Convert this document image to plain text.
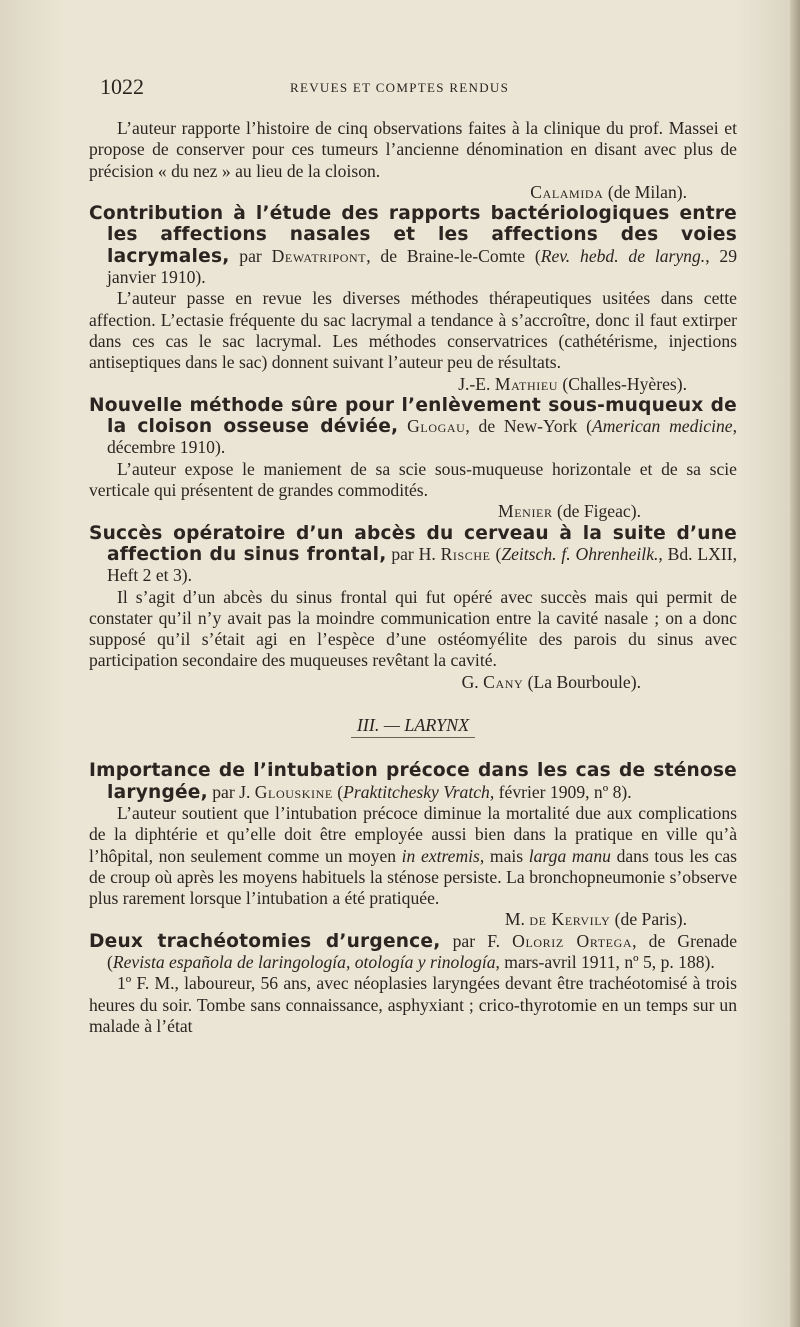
1022	REVUES ET COMPTES RENDUS

L’auteur rapporte l’histoire de cinq observations faites à la clinique du prof. Massei et propose de conserver pour ces tumeurs l’ancienne dénomination en disant avec plus de précision « du nez » au lieu de la cloison.

Calamida (de Milan).

Contribution à l’étude des rapports bactériologiques entre les affections nasales et les affections des voies lacrymales, par Dewatripont, de Braine-le-Comte (Rev. hebd. de laryng., 29 janvier 1910).

L’auteur passe en revue les diverses méthodes thérapeutiques usitées dans cette affection. L’ectasie fréquente du sac lacrymal a tendance à s’accroître, donc il faut extirper dans ces cas le sac lacrymal. Les méthodes conservatrices (cathétérisme, injections antiseptiques dans le sac) donnent suivant l’auteur peu de résultats.

J.-E. Mathieu (Challes-Hyères).

Nouvelle méthode sûre pour l’enlèvement sous-muqueux de la cloison osseuse déviée, Glogau, de New-York (American medicine, décembre 1910).

L’auteur expose le maniement de sa scie sous-muqueuse horizontale et de sa scie verticale qui présentent de grandes commodités.

Menier (de Figeac).

Succès opératoire d’un abcès du cerveau à la suite d’une affection du sinus frontal, par H. Rische (Zeitsch. f. Ohrenheilk., Bd. LXII, Heft 2 et 3).

Il s’agit d’un abcès du sinus frontal qui fut opéré avec succès mais qui permit de constater qu’il n’y avait pas la moindre communication entre la cavité nasale ; on a donc supposé qu’il s’était agi en l’espèce d’une ostéomyélite des parois du sinus avec participation secondaire des muqueuses revêtant la cavité.

G. Cany (La Bourboule).

III. — LARYNX

Importance de l’intubation précoce dans les cas de sténose laryngée, par J. Glouskine (Praktitchesky Vratch, février 1909, nº 8).

L’auteur soutient que l’intubation précoce diminue la mortalité due aux complications de la diphtérie et qu’elle doit être employée aussi bien dans la pratique en ville qu’à l’hôpital, non seulement comme un moyen in extremis, mais larga manu dans tous les cas de croup où après les moyens habituels la sténose persiste. La bronchopneumonie s’observe plus rarement lorsque l’intubation a été pratiquée.

M. de Kervily (de Paris).

Deux trachéotomies d’urgence, par F. Oloriz Ortega, de Grenade (Revista española de laringología, otología y rinología, mars-avril 1911, nº 5, p. 188).

1º F. M., laboureur, 56 ans, avec néoplasies laryngées devant être trachéotomisé à trois heures du soir. Tombe sans connaissance, asphyxiant ; crico-thyrotomie en un temps sur un malade à l’état
